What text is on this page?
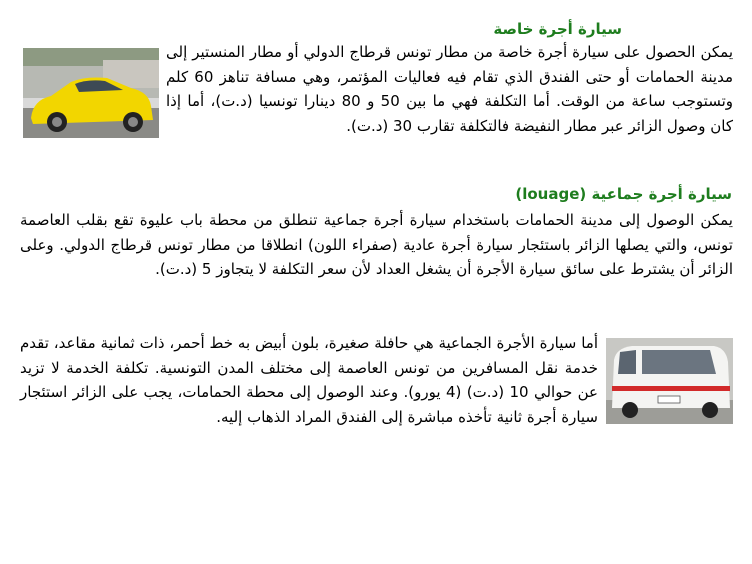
سيارة أجرة خاصة
يمكن الحصول على سيارة أجرة خاصة من مطار تونس قرطاج الدولي أو مطار المنستير إلى مدينة الحمامات أو حتى الفندق الذي تقام فيه فعاليات المؤتمر، وهي مسافة تناهز 60 كلم وتستوجب ساعة من الوقت. أما التكلفة فهي ما بين 50 و 80 دينارا تونسيا (د.ت)، أما إذا كان وصول الزائر عبر مطار النفيضة فالتكلفة تقارب 30 (د.ت).
سيارة أجرة جماعية (louage)
يمكن الوصول إلى مدينة الحمامات باستخدام سيارة أجرة جماعية تنطلق من محطة باب عليوة تقع بقلب العاصمة تونس، والتي يصلها الزائر باستئجار سيارة أجرة عادية (صفراء اللون) انطلاقا من مطار تونس قرطاج الدولي. وعلى الزائر أن يشترط على سائق سيارة الأجرة أن يشغل العداد لأن سعر التكلفة لا يتجاوز 5 (د.ت).
أما سيارة الأجرة الجماعية هي حافلة صغيرة، بلون أبيض به خط أحمر، ذات ثمانية مقاعد، تقدم خدمة نقل المسافرين من تونس العاصمة إلى مختلف المدن التونسية. تكلفة الخدمة لا تزيد عن حوالي 10 (د.ت) (4 يورو). وعند الوصول إلى محطة الحمامات، يجب على الزائر استئجار سيارة أجرة ثانية تأخذه مباشرة إلى الفندق المراد الذهاب إليه.
